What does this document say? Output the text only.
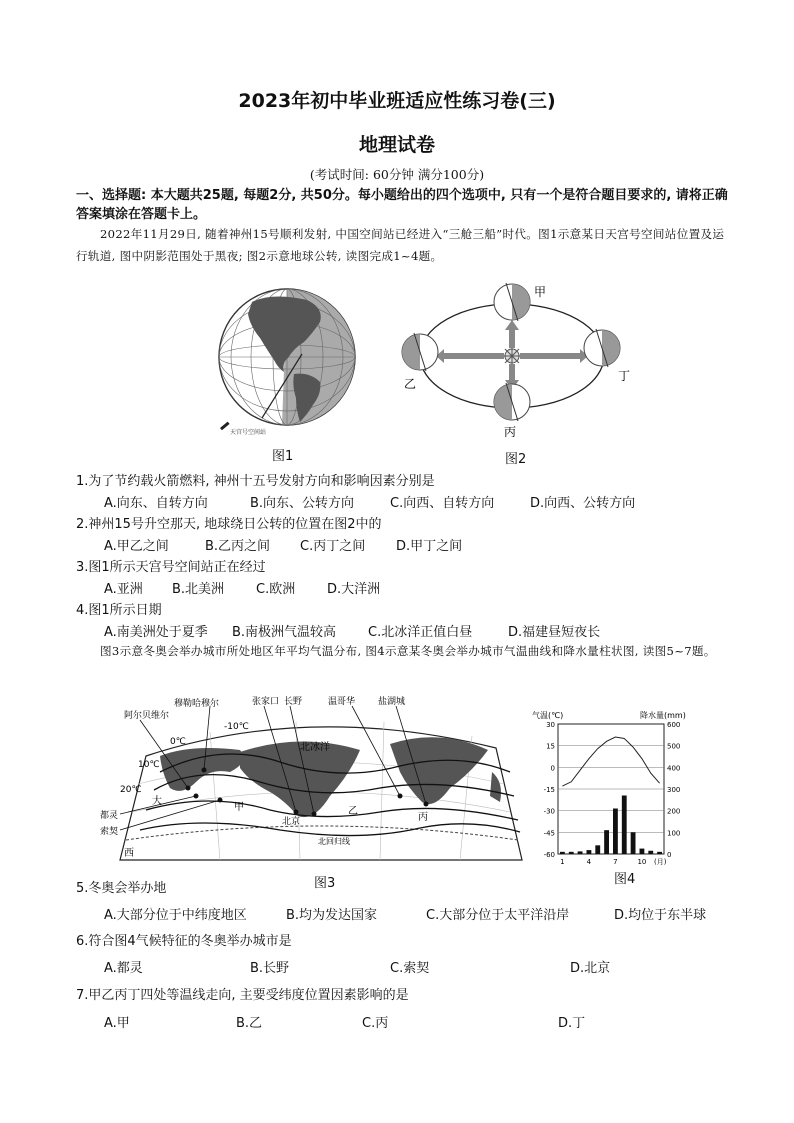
2023年初中毕业班适应性练习卷(三)
地理试卷
(考试时间: 60分钟 满分100分)
一、选择题: 本大题共25题, 每题2分, 共50分。每小题给出的四个选项中, 只有一个是符合题目要求的, 请将正确答案填涂在答题卡上。
2022年11月29日, 随着神州15号顺利发射, 中国空间站已经进入“三舱三船”时代。图1示意某日天宫号空间站位置及运行轨道, 图中阴影范围处于黑夜; 图2示意地球公转, 读图完成1~4题。
天宫号空间站
图1
甲
乙
丙
丁
图2
1.为了节约载火箭燃料, 神州十五号发射方向和影响因素分别是
A.向东、自转方向	B.向东、公转方向	C.向西、自转方向	D.向西、公转方向
2.神州15号升空那天, 地球绕日公转的位置在图2中的
A.甲乙之间	B.乙丙之间 C.丙丁之间 D.甲丁之间
3.图1所示天宫号空间站正在经过
A.亚洲 B.北美洲 C.欧洲 D.大洋洲
4.图1所示日期
A.南美洲处于夏季 B.南极洲气温较高 C.北冰洋正值白昼	D.福建昼短夜长
图3示意冬奥会举办城市所处地区年平均气温分布, 图4示意某冬奥会举办城市气温曲线和降水量柱状图, 读图5~7题。
穆勒哈穆尔
阿尔贝维尔
张家口 长野	温哥华	盐湖城
都灵
索契
-10℃
0℃
10℃
20℃
北冰洋
北回归线
大
西
甲
北京
乙
丙
图3
气温(℃)	降水量(mm)
30	600
15	500
0	400
-15	300
-30	200
-45	100
-60	0
1	4	7	10 (月)
图4
5.冬奥会举办地
A.大部分位于中纬度地区	B.均为发达国家	C.大部分位于太平洋沿岸	D.均位于东半球
6.符合图4气候特征的冬奥举办城市是
A.都灵	B.长野	C.索契	D.北京
7.甲乙丙丁四处等温线走向, 主要受纬度位置因素影响的是
A.甲	B.乙	C.丙	D.丁
